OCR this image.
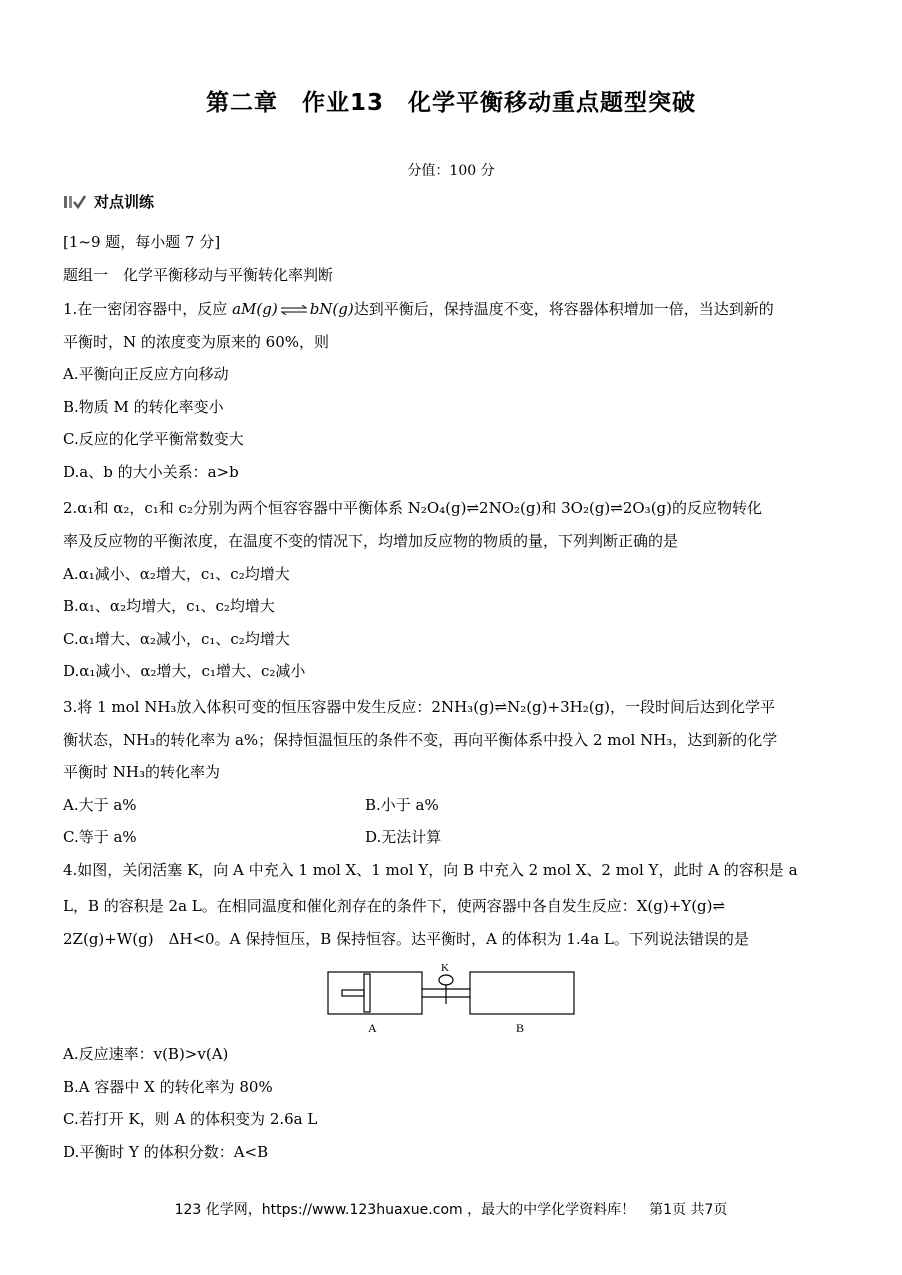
第二章　作业13　化学平衡移动重点题型突破
分值：100 分
对点训练
[1~9 题，每小题 7 分]
题组一　化学平衡移动与平衡转化率判断
1.在一密闭容器中，反应 aM(g) ⇌ bN(g)达到平衡后，保持温度不变，将容器体积增加一倍，当达到新的
平衡时，N 的浓度变为原来的 60%，则
A.平衡向正反应方向移动
B.物质 M 的转化率变小
C.反应的化学平衡常数变大
D.a、b 的大小关系：a>b
2.α₁和 α₂，c₁和 c₂分别为两个恒容容器中平衡体系 N₂O₄(g)⇌2NO₂(g)和 3O₂(g)⇌2O₃(g)的反应物转化
率及反应物的平衡浓度，在温度不变的情况下，均增加反应物的物质的量，下列判断正确的是
A.α₁减小、α₂增大，c₁、c₂均增大
B.α₁、α₂均增大，c₁、c₂均增大
C.α₁增大、α₂减小，c₁、c₂均增大
D.α₁减小、α₂增大，c₁增大、c₂减小
3.将 1 mol NH₃放入体积可变的恒压容器中发生反应：2NH₃(g)⇌N₂(g)+3H₂(g)，一段时间后达到化学平
衡状态，NH₃的转化率为 a%；保持恒温恒压的条件不变，再向平衡体系中投入 2 mol NH₃，达到新的化学
平衡时 NH₃的转化率为
A.大于 a%	B.小于 a%
C.等于 a%	D.无法计算
4.如图，关闭活塞 K，向 A 中充入 1 mol X、1 mol Y，向 B 中充入 2 mol X、2 mol Y，此时 A 的容积是 a
L，B 的容积是 2a L。在相同温度和催化剂存在的条件下，使两容器中各自发生反应：X(g)+Y(g)⇌
2Z(g)+W(g)　ΔH<0。A 保持恒压，B 保持恒容。达平衡时，A 的体积为 1.4a L。下列说法错误的是
K
A	B
A.反应速率：v(B)>v(A)
B.A 容器中 X 的转化率为 80%
C.若打开 K，则 A 的体积变为 2.6a L
D.平衡时 Y 的体积分数：A<B
123 化学网，https://www.123huaxue.com ，最大的中学化学资料库！　第1页 共7页
